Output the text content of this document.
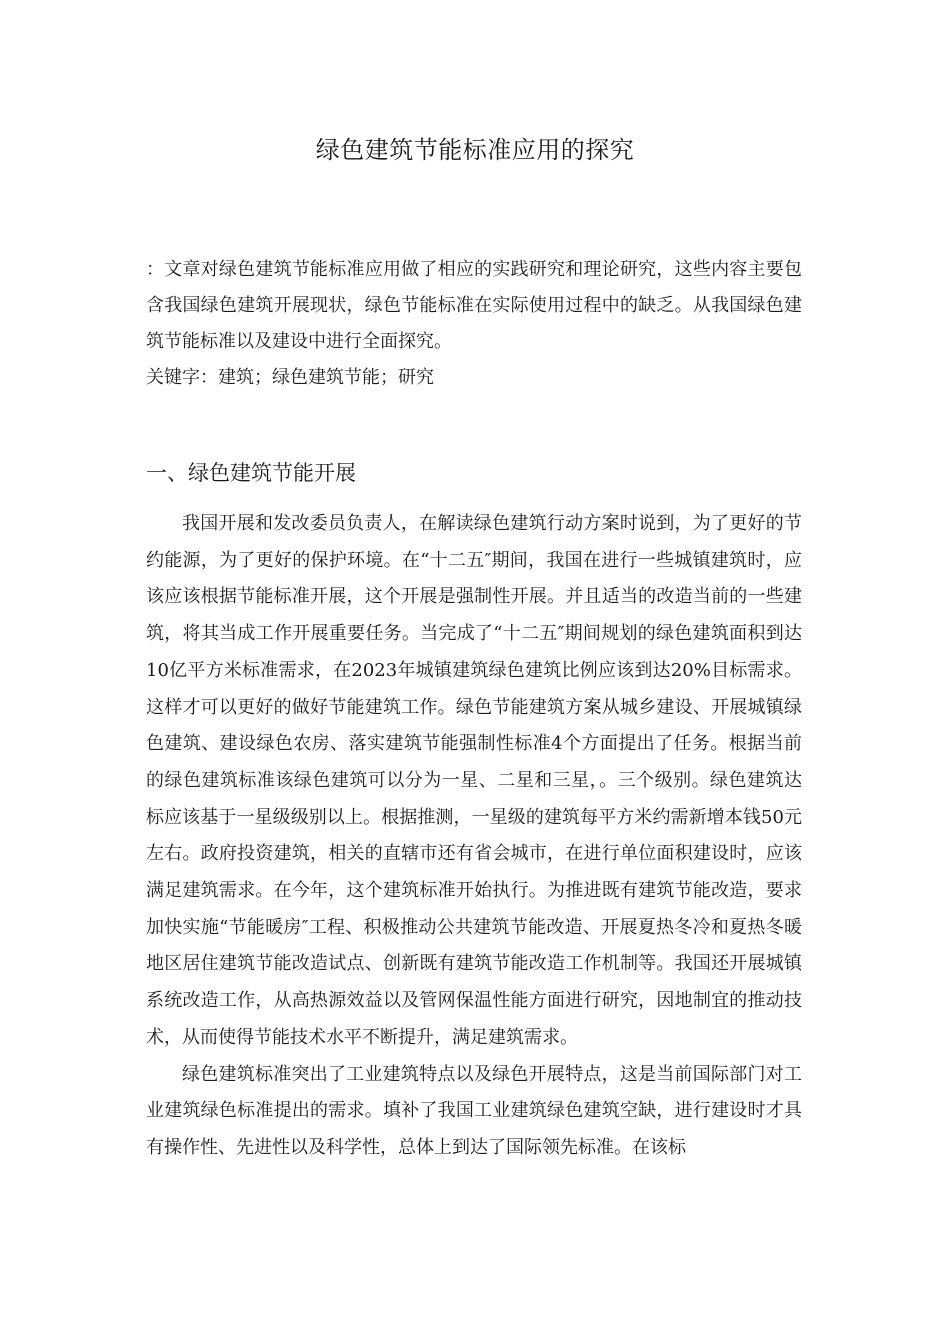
绿色建筑节能标准应用的探究

：文章对绿色建筑节能标准应用做了相应的实践研究和理论研究，这些内容主要包含我国绿色建筑开展现状，绿色节能标准在实际使用过程中的缺乏。从我国绿色建筑节能标准以及建设中进行全面探究。

关键字：建筑；绿色建筑节能；研究

一、绿色建筑节能开展

我国开展和发改委员负责人，在解读绿色建筑行动方案时说到，为了更好的节约能源，为了更好的保护环境。在“十二五″期间，我国在进行一些城镇建筑时，应该应该根据节能标准开展，这个开展是强制性开展。并且适当的改造当前的一些建筑，将其当成工作开展重要任务。当完成了“十二五″期间规划的绿色建筑面积到达10亿平方米标准需求，在2023年城镇建筑绿色建筑比例应该到达20%目标需求。这样才可以更好的做好节能建筑工作。绿色节能建筑方案从城乡建设、开展城镇绿色建筑、建设绿色农房、落实建筑节能强制性标准4个方面提出了任务。根据当前的绿色建筑标准该绿色建筑可以分为一星、二星和三星，。三个级别。绿色建筑达标应该基于一星级级别以上。根据推测，一星级的建筑每平方米约需新增本钱50元左右。政府投资建筑，相关的直辖市还有省会城市，在进行单位面积建设时，应该满足建筑需求。在今年，这个建筑标准开始执行。为推进既有建筑节能改造，要求加快实施“节能暖房″工程、积极推动公共建筑节能改造、开展夏热冬冷和夏热冬暖地区居住建筑节能改造试点、创新既有建筑节能改造工作机制等。我国还开展城镇系统改造工作，从高热源效益以及管网保温性能方面进行研究，因地制宜的推动技术，从而使得节能技术水平不断提升，满足建筑需求。

绿色建筑标准突出了工业建筑特点以及绿色开展特点，这是当前国际部门对工业建筑绿色标准提出的需求。填补了我国工业建筑绿色建筑空缺，进行建设时才具有操作性、先进性以及科学性，总体上到达了国际领先标准。在该标
